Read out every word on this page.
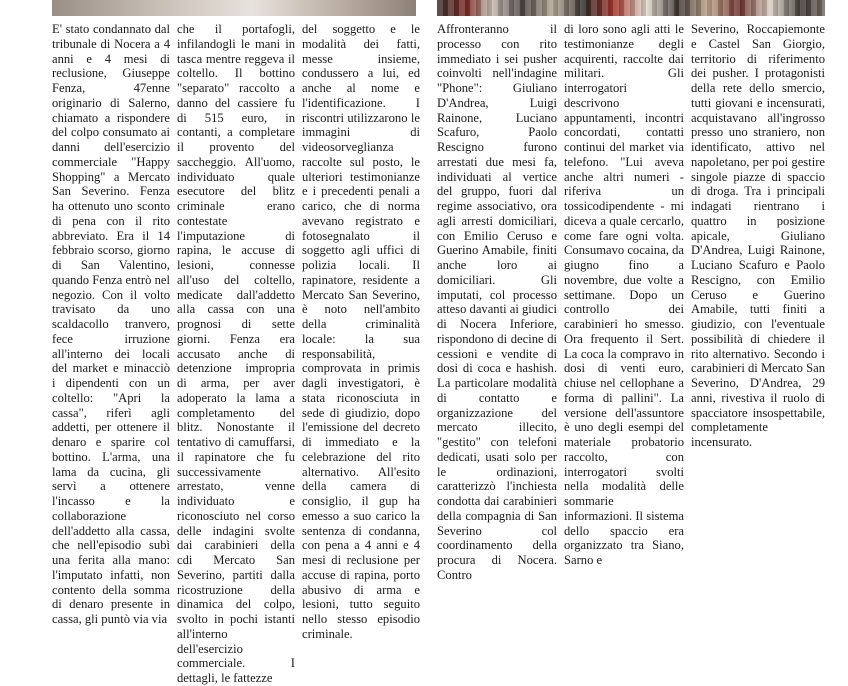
E' stato condannato dal tribunale di Nocera a 4 anni e 4 mesi di reclusione, Giuseppe Fenza, 47enne originario di Salerno, chiamato a rispondere del colpo consumato ai danni dell'esercizio commerciale "Happy Shopping" a Mercato San Severino. Fenza ha ottenuto uno sconto di pena con il rito abbreviato. Era il 14 febbraio scorso, giorno di San Valentino, quando Fenza entrò nel negozio. Con il volto travisato da uno scaldacollo tranvero, fece irruzione all'interno dei locali del market e minacciò i dipendenti con un coltello: "Apri la cassa", riferì agli addetti, per ottenere il denaro e sparire col bottino. L'arma, una lama da cucina, gli servì a ottenere l'incasso e la collaborazione dell'addetto alla cassa, che nell'episodio subì una ferita alla mano: l'imputato infatti, non contento della somma di denaro presente in cassa, gli puntò via via

che il portafogli, infilandogli le mani in tasca mentre reggeva il coltello. Il bottino "separato" raccolto a danno del cassiere fu di 515 euro, in contanti, a completare il provento del saccheggio. All'uomo, individuato quale esecutore del blitz criminale erano contestate l'imputazione di rapina, le accuse di lesioni, connesse all'uso del coltello, medicate dall'addetto alla cassa con una prognosi di sette giorni. Fenza era accusato anche di detenzione impropria di arma, per aver adoperato la lama a completamento del blitz. Nonostante il tentativo di camuffarsi, il rapinatore che fu successivamente arrestato, venne individuato e riconosciuto nel corso delle indagini svolte dai carabinieri della cdi Mercato San Severino, partiti dalla ricostruzione della dinamica del colpo, svolto in pochi istanti all'interno dell'esercizio commerciale. I dettagli, le fattezze

del soggetto e le modalità dei fatti, messe insieme, condussero a lui, ed anche al nome e l'identificazione. I riscontri utilizzarono le immagini di videosorveglianza raccolte sul posto, le ulteriori testimonianze e i precedenti penali a carico, che di norma avevano registrato e fotosegnalato il soggetto agli uffici di polizia locali. Il rapinatore, residente a Mercato San Severino, è noto nell'ambito della criminalità locale: la sua responsabilità, comprovata in primis dagli investigatori, è stata riconosciuta in sede di giudizio, dopo l'emissione del decreto di immediato e la celebrazione del rito alternativo. All'esito della camera di consiglio, il gup ha emesso a suo carico la sentenza di condanna, con pena a 4 anni e 4 mesi di reclusione per accuse di rapina, porto abusivo di arma e lesioni, tutto seguito nello stesso episodio criminale.

Affronteranno il processo con rito immediato i sei pusher coinvolti nell'indagine "Phone": Giuliano D'Andrea, Luigi Rainone, Luciano Scafuro, Paolo Rescigno furono arrestati due mesi fa, individuati al vertice del gruppo, fuori dal regime associativo, ora agli arresti domiciliari, con Emilio Ceruso e Guerino Amabile, finiti anche loro ai domiciliari. Gli imputati, col processo atteso davanti ai giudici di Nocera Inferiore, rispondono di decine di cessioni e vendite di dosi di coca e hashish. La particolare modalità di contatto e organizzazione del mercato illecito, "gestito" con telefoni dedicati, usati solo per le ordinazioni, caratterizzò l'inchiesta condotta dai carabinieri della compagnia di San Severino col coordinamento della procura di Nocera. Contro

di loro sono agli atti le testimonianze degli acquirenti, raccolte dai militari. Gli interrogatori descrivono appuntamenti, incontri concordati, contatti continui del market via telefono. "Lui aveva anche altri numeri - riferiva un tossicodipendente - mi diceva a quale cercarlo, come fare ogni volta. Consumavo cocaina, da giugno fino a novembre, due volte a settimane. Dopo un controllo dei carabinieri ho smesso. Ora frequento il Sert. La coca la compravo in dosi di venti euro, chiuse nel cellophane a forma di pallini". La versione dell'assuntore è uno degli esempi del materiale probatorio raccolto, con interrogatori svolti nella modalità delle sommarie informazioni. Il sistema dello spaccio era organizzato tra Siano, Sarno e

Severino, Roccapiemonte e Castel San Giorgio, territorio di riferimento dei pusher. I protagonisti della rete dello smercio, tutti giovani e incensurati, acquistavano all'ingrosso presso uno straniero, non identificato, attivo nel napoletano, per poi gestire singole piazze di spaccio di droga. Tra i principali indagati rientrano i quattro in posizione apicale, Giuliano D'Andrea, Luigi Rainone, Luciano Scafuro e Paolo Rescigno, con Emilio Ceruso e Guerino Amabile, tutti finiti a giudizio, con l'eventuale possibilità di chiedere il rito alternativo. Secondo i carabinieri di Mercato San Severino, D'Andrea, 29 anni, rivestiva il ruolo di spacciatore insospettabile, completamente incensurato.
